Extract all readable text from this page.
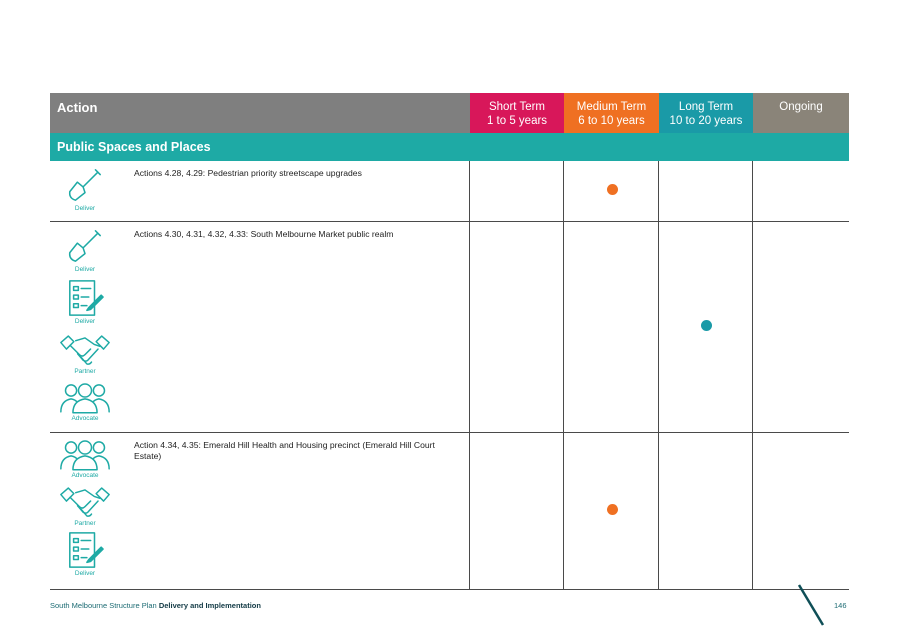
Action	Short Term
1 to 5 years
Medium Term
6 to 10 years
Long Term
10 to 20 years
Ongoing
Public Spaces and Places
Deliver
Actions 4.28, 4.29: Pedestrian priority streetscape upgrades
Deliver
Deliver
Partner
Advocate
Actions 4.30, 4.31, 4.32, 4.33: South Melbourne Market public realm
Advocate
Partner
Deliver
Action 4.34, 4.35: Emerald Hill Health and Housing precinct (Emerald Hill Court Estate)
South Melbourne Structure Plan Delivery and Implementation	146
